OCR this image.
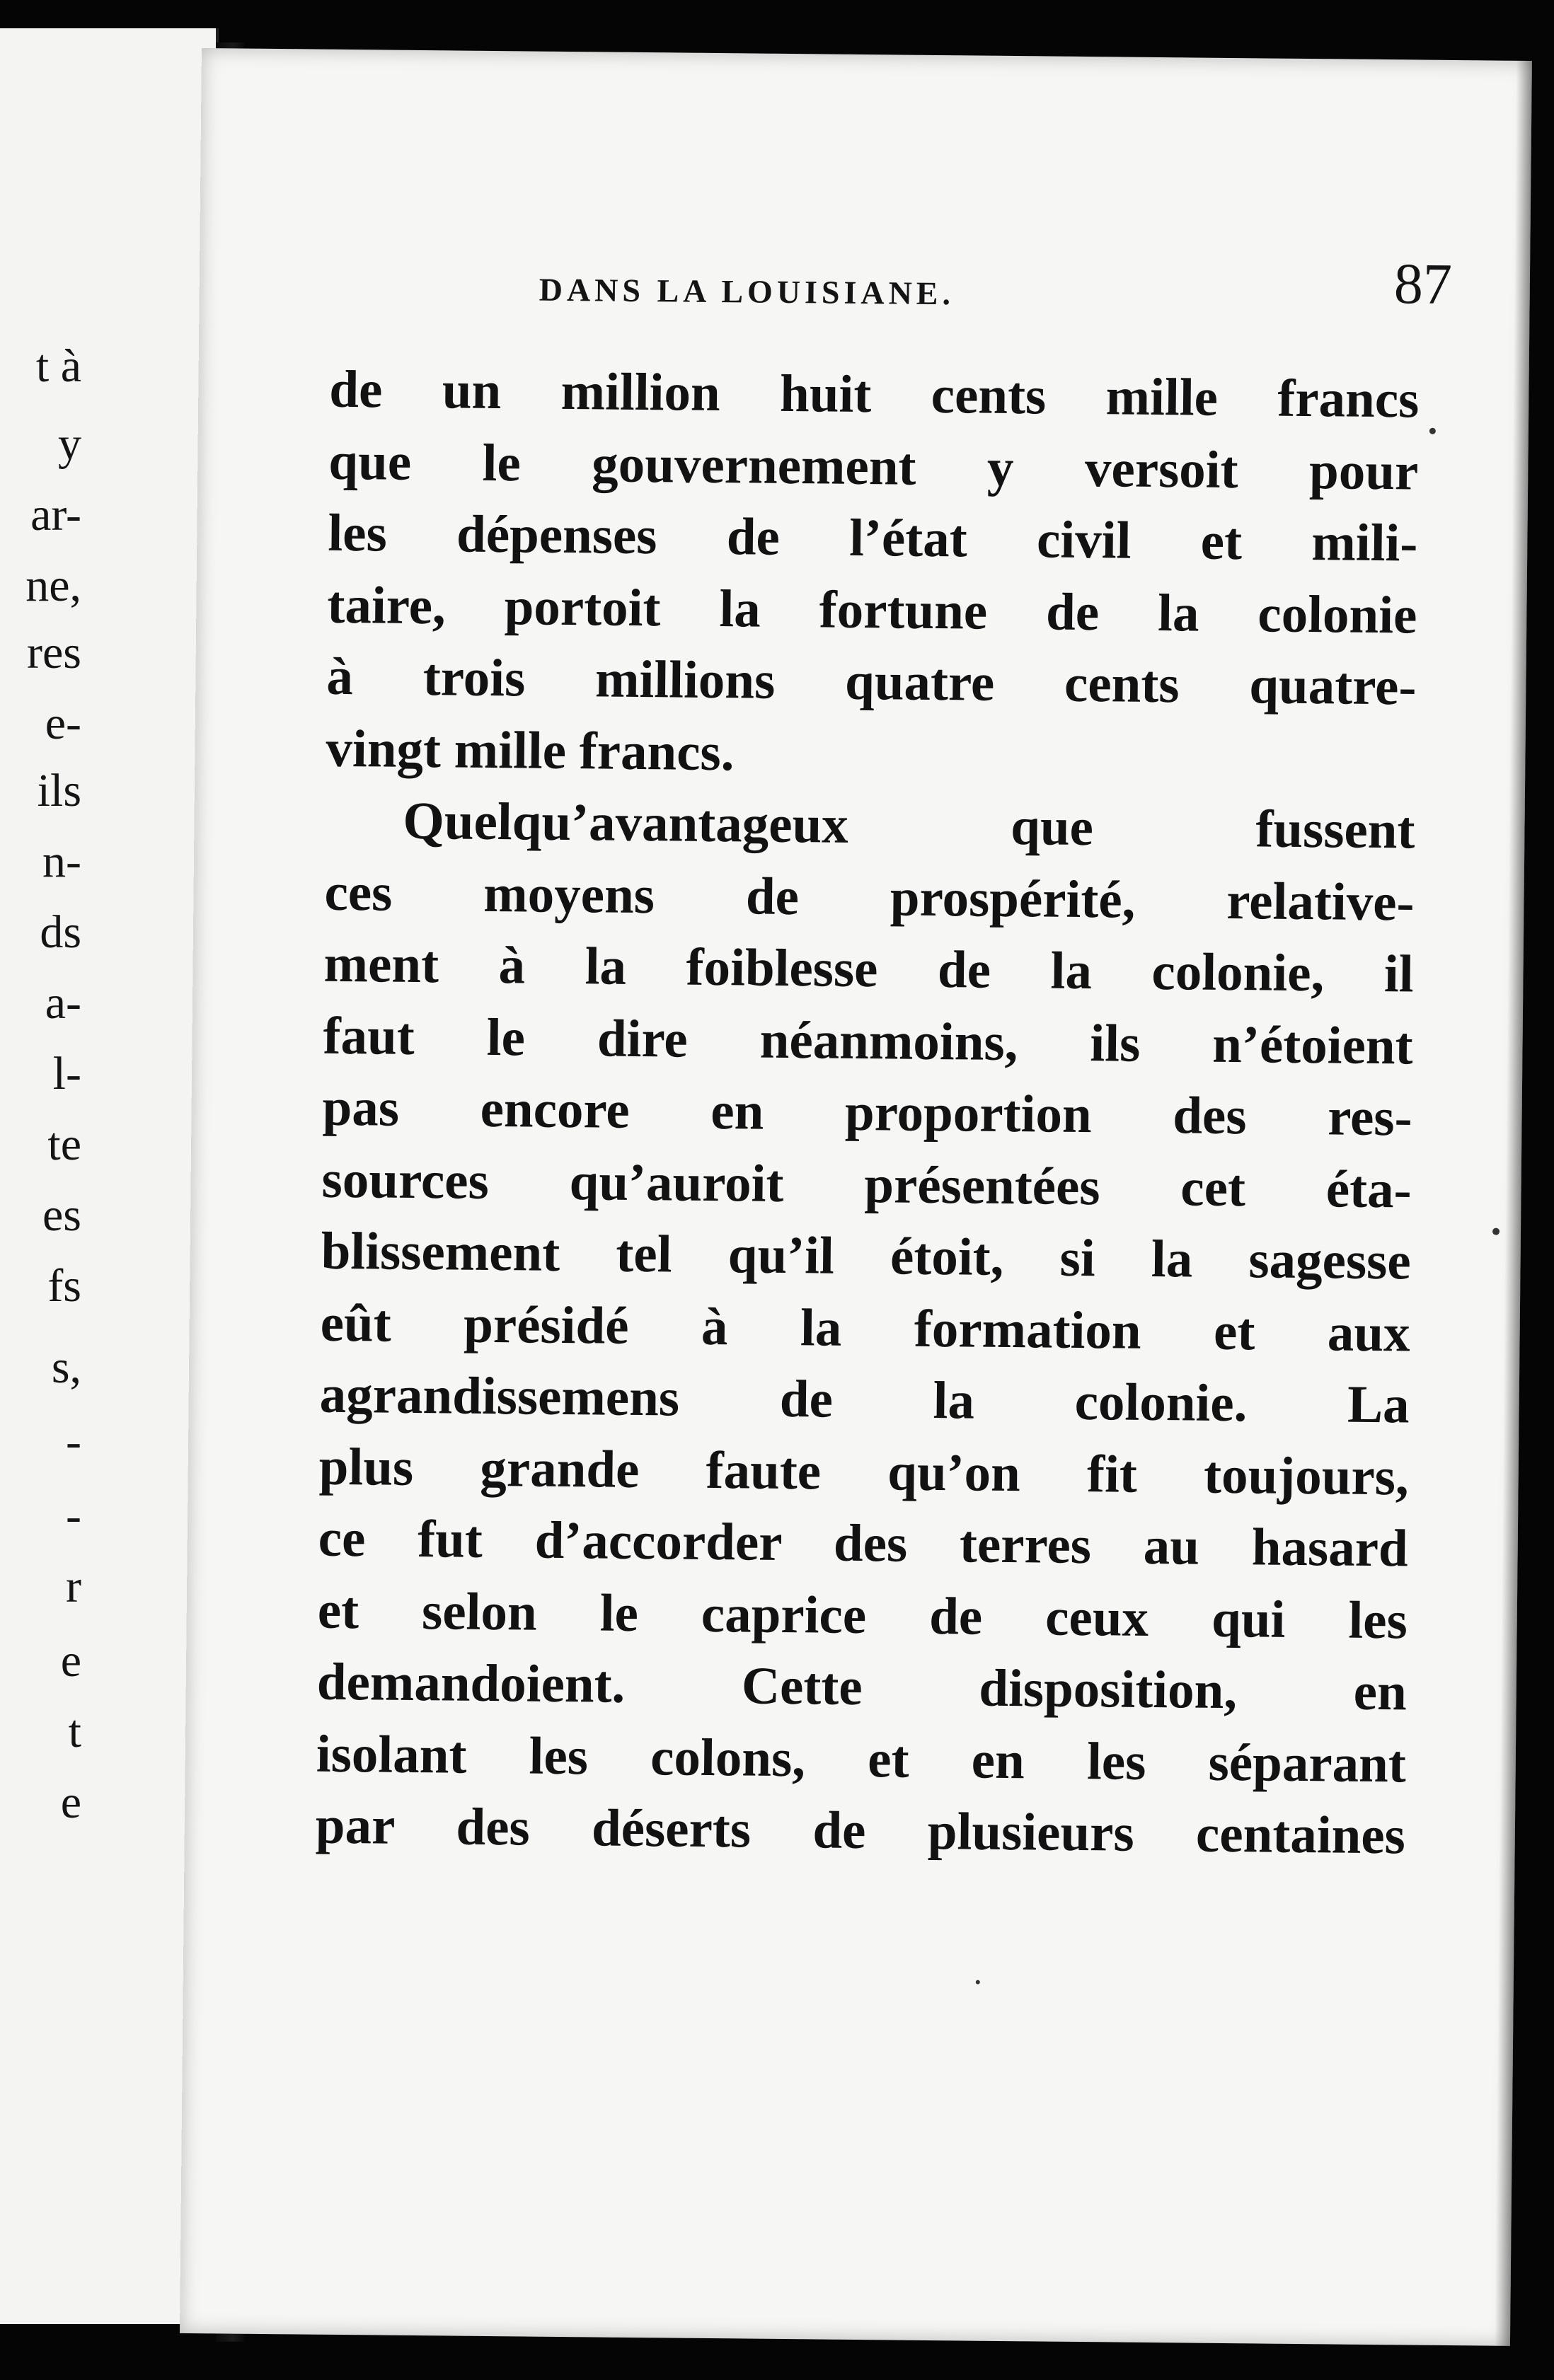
t à
y
ar-
ne,
res
e-
ils
n-
ds
a-
l-
te
es
fs
s,
-
-
r
e
t
e
DANS LA LOUISIANE.	87
de un million huit cents mille francs
que le gouvernement y versoit pour
les dépenses de l’état civil et mili-
taire, portoit la fortune de la colonie
à trois millions quatre cents quatre-
vingt mille francs.
Quelqu’avantageux que fussent
ces moyens de prospérité, relative-
ment à la foiblesse de la colonie, il
faut le dire néanmoins, ils n’étoient
pas encore en proportion des res-
sources qu’auroit présentées cet éta-
blissement tel qu’il étoit, si la sagesse
eût présidé à la formation et aux
agrandissemens de la colonie. La
plus grande faute qu’on fit toujours,
ce fut d’accorder des terres au hasard
et selon le caprice de ceux qui les
demandoient. Cette disposition, en
isolant les colons, et en les séparant
par des déserts de plusieurs centaines
